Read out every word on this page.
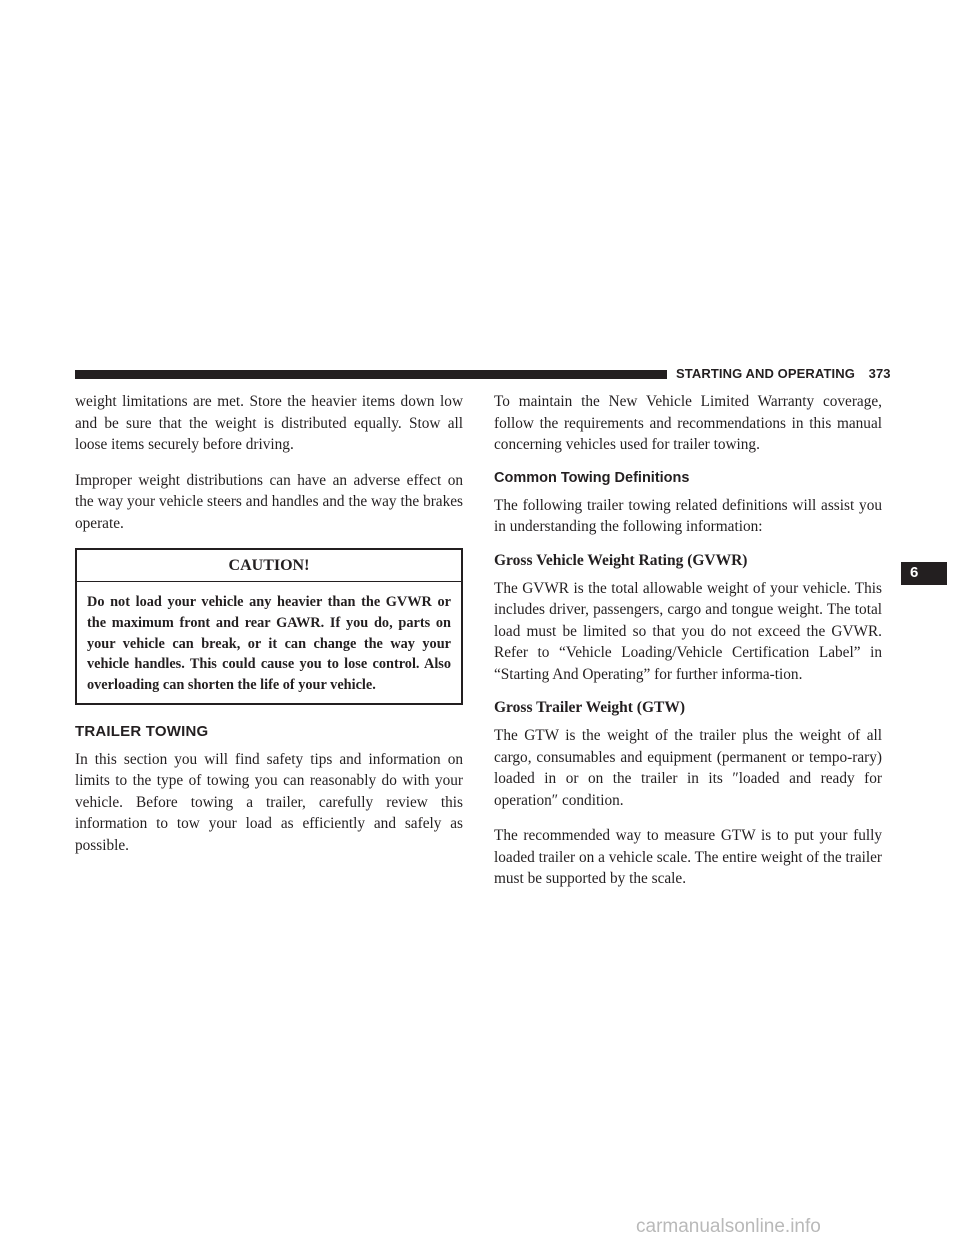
STARTING AND OPERATING 373

weight limitations are met. Store the heavier items down low and be sure that the weight is distributed equally. Stow all loose items securely before driving.

Improper weight distributions can have an adverse effect on the way your vehicle steers and handles and the way the brakes operate.

CAUTION!
Do not load your vehicle any heavier than the GVWR or the maximum front and rear GAWR. If you do, parts on your vehicle can break, or it can change the way your vehicle handles. This could cause you to lose control. Also overloading can shorten the life of your vehicle.
TRAILER TOWING

In this section you will find safety tips and information on limits to the type of towing you can reasonably do with your vehicle. Before towing a trailer, carefully review this information to tow your load as efficiently and safely as possible.

To maintain the New Vehicle Limited Warranty coverage, follow the requirements and recommendations in this manual concerning vehicles used for trailer towing.

Common Towing Definitions

The following trailer towing related definitions will assist you in understanding the following information:

Gross Vehicle Weight Rating (GVWR)

The GVWR is the total allowable weight of your vehicle. This includes driver, passengers, cargo and tongue weight. The total load must be limited so that you do not exceed the GVWR. Refer to “Vehicle Loading/Vehicle Certification Label” in “Starting And Operating” for further informa-tion.

Gross Trailer Weight (GTW)

The GTW is the weight of the trailer plus the weight of all cargo, consumables and equipment (permanent or tempo-rary) loaded in or on the trailer in its ″loaded and ready for operation″ condition.

The recommended way to measure GTW is to put your fully loaded trailer on a vehicle scale. The entire weight of the trailer must be supported by the scale.

6
carmanualsonline.info
